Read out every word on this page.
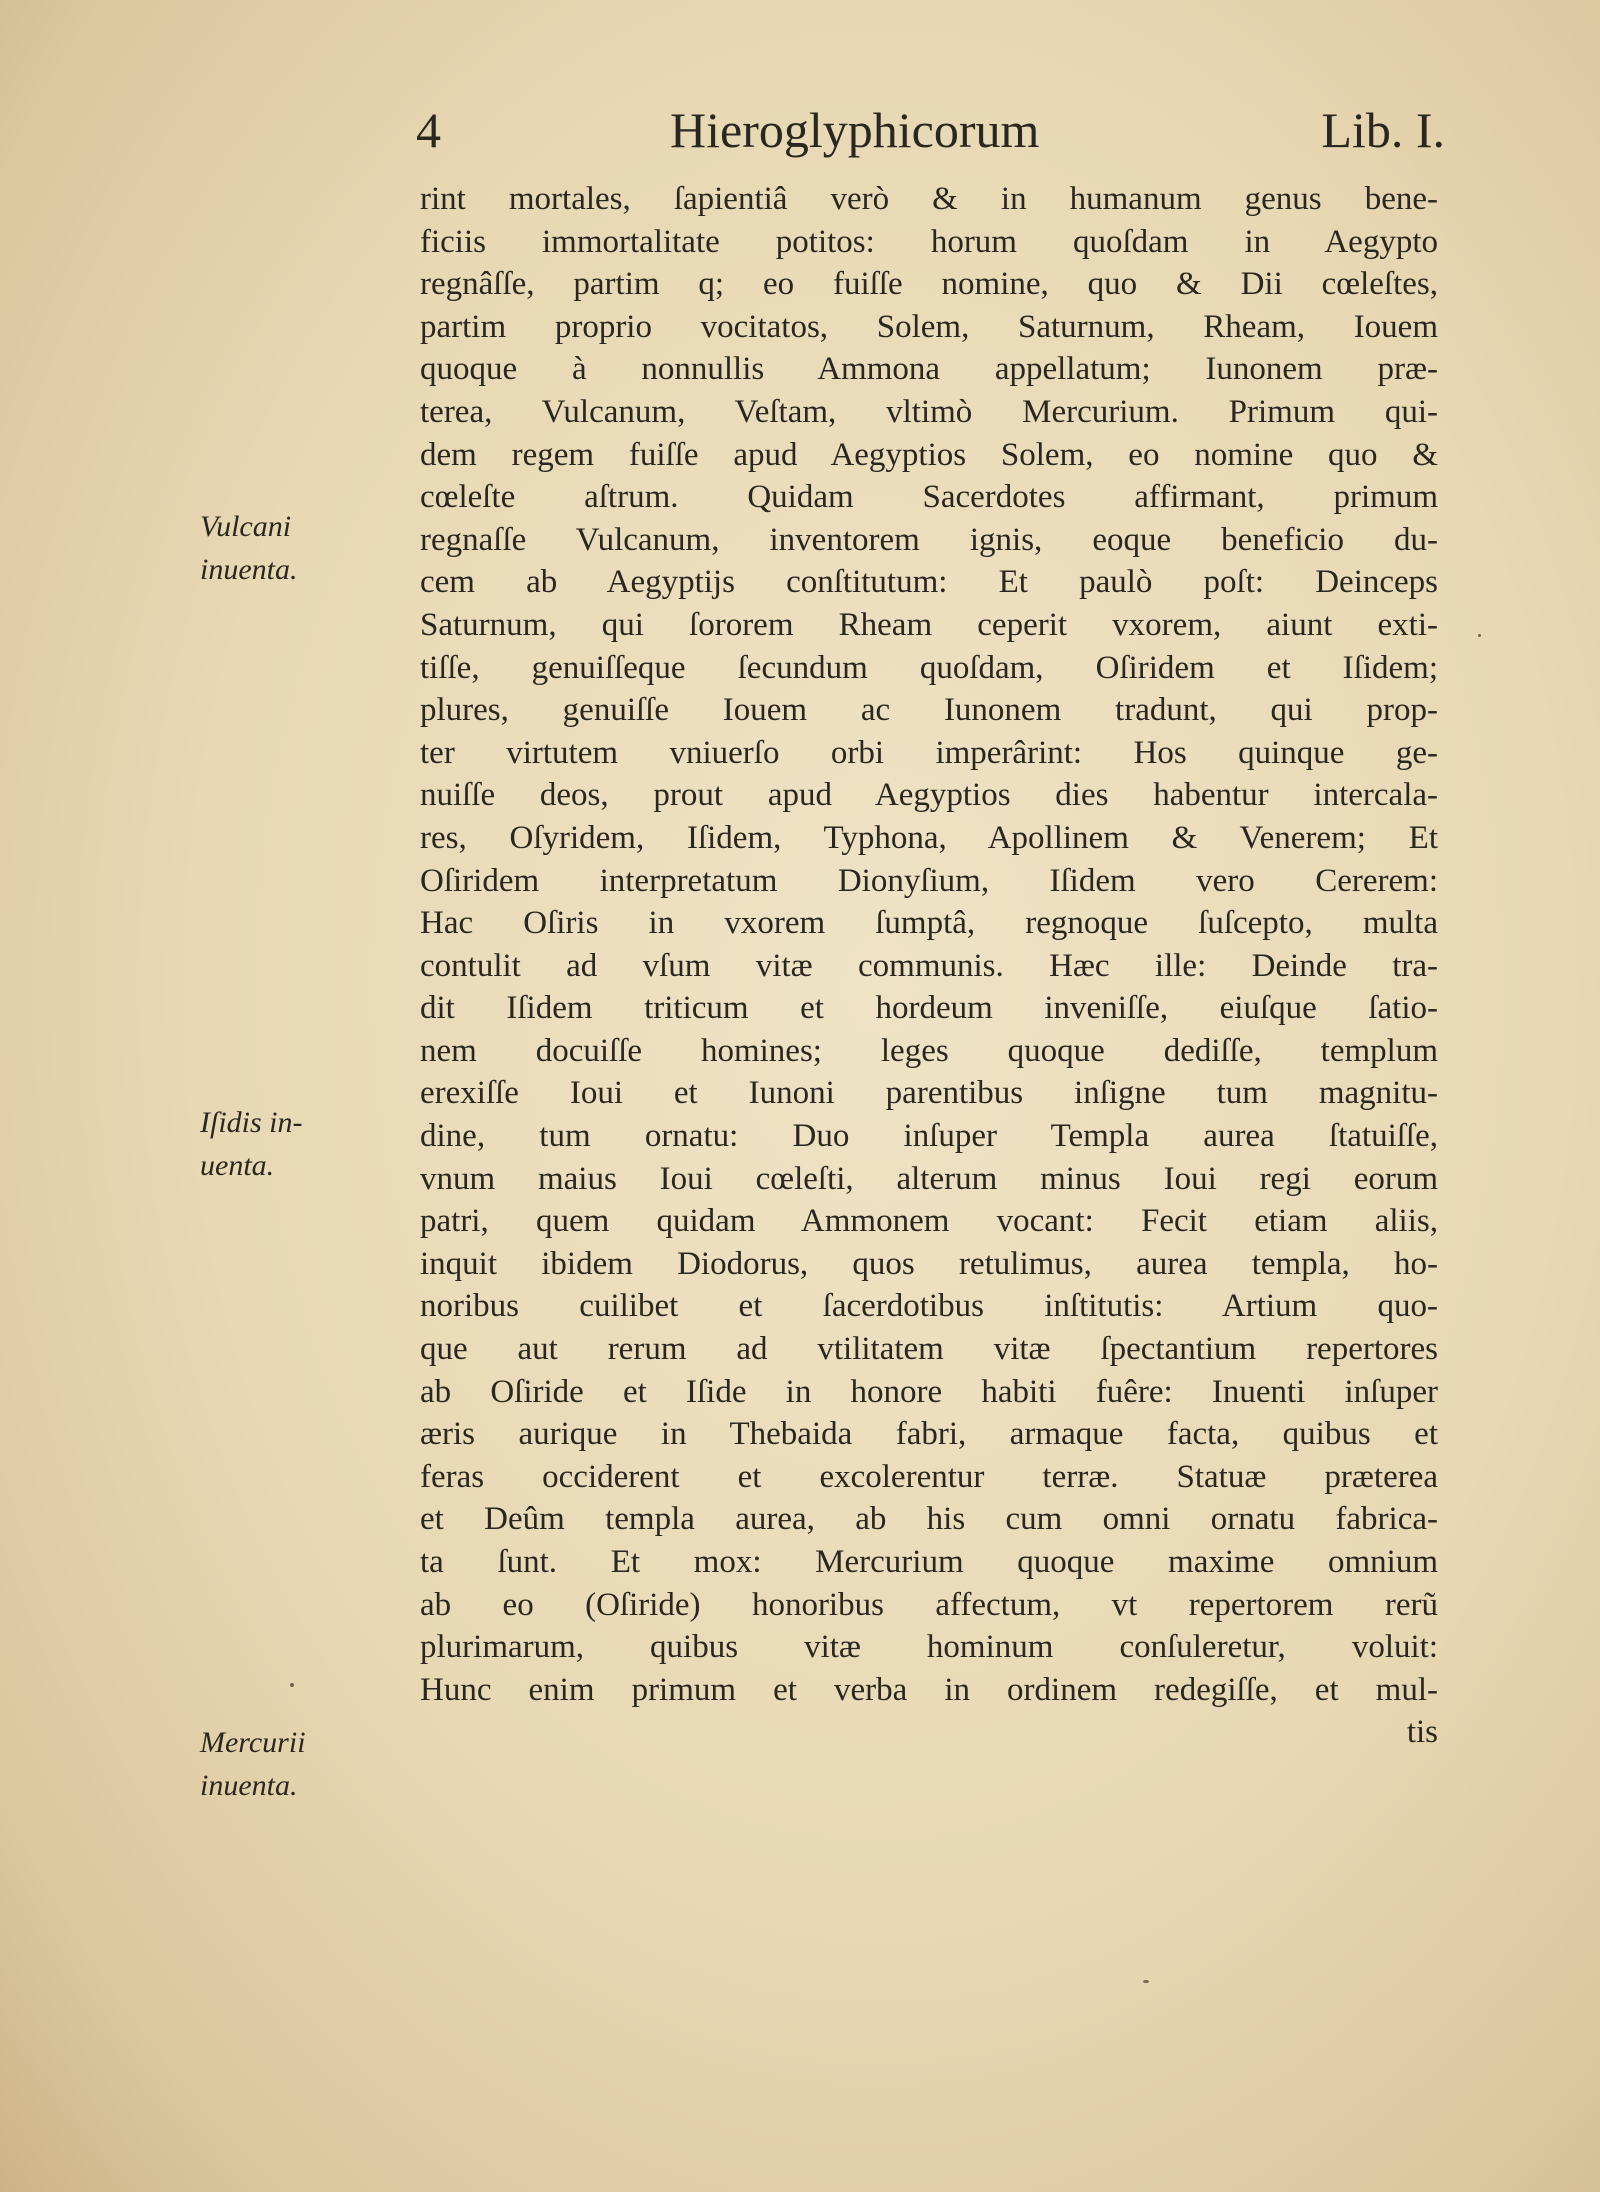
4	Hieroglyphicorum	Lib. I.
rint mortales, ſapientiâ verò & in humanum genus bene-
ficiis immortalitate potitos: horum quoſdam in Aegypto
regnâſſe, partim q; eo fuiſſe nomine, quo & Dii cœleſtes,
partim proprio vocitatos, Solem, Saturnum, Rheam, Iouem
quoque à nonnullis Ammona appellatum; Iunonem præ-
terea, Vulcanum, Veſtam, vltimò Mercurium. Primum qui-
dem regem fuiſſe apud Aegyptios Solem, eo nomine quo &
cœleſte aſtrum. Quidam Sacerdotes affirmant, primum
regnaſſe Vulcanum, inventorem ignis, eoque beneficio du-
cem ab Aegyptijs conſtitutum: Et paulò poſt: Deinceps
Saturnum, qui ſororem Rheam ceperit vxorem, aiunt exti-
tiſſe, genuiſſeque ſecundum quoſdam, Oſiridem et Iſidem;
plures, genuiſſe Iouem ac Iunonem tradunt, qui prop-
ter virtutem vniuerſo orbi imperârint: Hos quinque ge-
nuiſſe deos, prout apud Aegyptios dies habentur intercala-
res, Oſyridem, Iſidem, Typhona, Apollinem & Venerem; Et
Oſiridem interpretatum Dionyſium, Iſidem vero Cererem:
Hac Oſiris in vxorem ſumptâ, regnoque ſuſcepto, multa
contulit ad vſum vitæ communis. Hæc ille: Deinde tra-
dit Iſidem triticum et hordeum inveniſſe, eiuſque ſatio-
nem docuiſſe homines; leges quoque dediſſe, templum
erexiſſe Ioui et Iunoni parentibus inſigne tum magnitu-
dine, tum ornatu: Duo inſuper Templa aurea ſtatuiſſe,
vnum maius Ioui cœleſti, alterum minus Ioui regi eorum
patri, quem quidam Ammonem vocant: Fecit etiam aliis,
inquit ibidem Diodorus, quos retulimus, aurea templa, ho-
noribus cuilibet et ſacerdotibus inſtitutis: Artium quo-
que aut rerum ad vtilitatem vitæ ſpectantium repertores
ab Oſiride et Iſide in honore habiti fuêre: Inuenti inſuper
æris aurique in Thebaida fabri, armaque facta, quibus et
feras occiderent et excolerentur terræ. Statuæ præterea
et Deûm templa aurea, ab his cum omni ornatu fabrica-
ta ſunt. Et mox: Mercurium quoque maxime omnium
ab eo (Oſiride) honoribus affectum, vt repertorem rerũ
plurimarum, quibus vitæ hominum conſuleretur, voluit:
Hunc enim primum et verba in ordinem redegiſſe, et mul-
tis
Vulcani
inuenta.
Iſidis in-
uenta.
Mercurii
inuenta.
